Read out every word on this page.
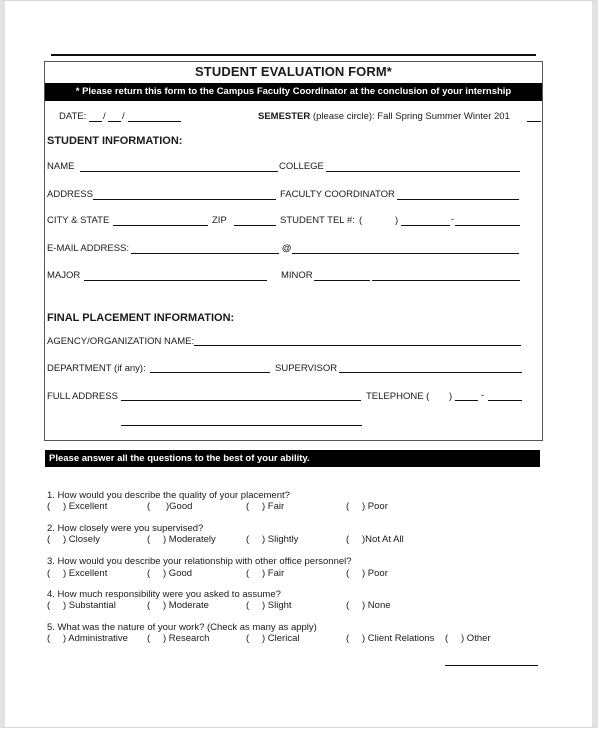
STUDENT EVALUATION FORM*
* Please return this form to the Campus Faculty Coordinator at the conclusion of your internship
DATE: / /	SEMESTER (please circle): Fall Spring Summer Winter 201
STUDENT INFORMATION:
NAME	COLLEGE
ADDRESS	FACULTY COORDINATOR
CITY & STATE	ZIP	STUDENT TEL #: (	)	-
E-MAIL ADDRESS:	@
MAJOR	MINOR
FINAL PLACEMENT INFORMATION:
AGENCY/ORGANIZATION NAME:
DEPARTMENT (if any):	SUPERVISOR
FULL ADDRESS	TELEPHONE ( )	-
Please answer all the questions to the best of your ability.
1. How would you describe the quality of your placement?
( ) Excellent	( )Good	( ) Fair	( ) Poor
2. How closely were you supervised?
( ) Closely	( ) Moderately	( ) Slightly	( )Not At All
3. How would you describe your relationship with other office personnel?
( ) Excellent	( ) Good	( ) Fair	( ) Poor
4. How much responsibility were you asked to assume?
( ) Substantial	( ) Moderate	( ) Slight	( ) None
5. What was the nature of your work? (Check as many as apply)
( ) Administrative ( ) Research	( ) Clerical	( ) Client Relations ( ) Other
